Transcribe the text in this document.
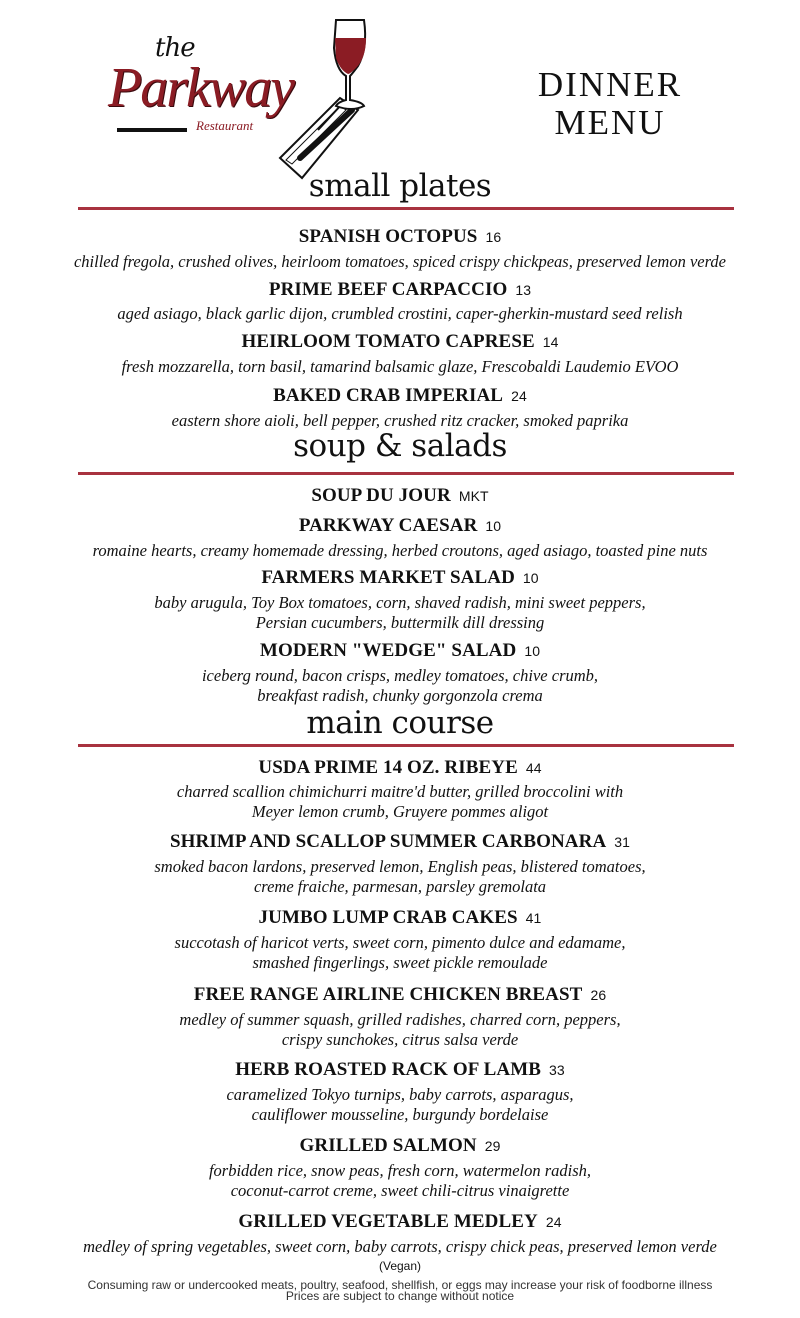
the
Parkway
Restaurant
DINNER
MENU
small plates
SPANISH OCTOPUS 16
chilled fregola, crushed olives, heirloom tomatoes, spiced crispy chickpeas, preserved lemon verde
PRIME BEEF CARPACCIO 13
aged asiago, black garlic dijon, crumbled crostini, caper-gherkin-mustard seed relish
HEIRLOOM TOMATO CAPRESE 14
fresh mozzarella, torn basil, tamarind balsamic glaze, Frescobaldi Laudemio EVOO
BAKED CRAB IMPERIAL 24
eastern shore aioli, bell pepper, crushed ritz cracker, smoked paprika
soup & salads
SOUP DU JOUR MKT
PARKWAY CAESAR 10
romaine hearts, creamy homemade dressing, herbed croutons, aged asiago, toasted pine nuts
FARMERS MARKET SALAD 10
baby arugula, Toy Box tomatoes, corn, shaved radish, mini sweet peppers,
Persian cucumbers, buttermilk dill dressing
MODERN "WEDGE" SALAD 10
iceberg round, bacon crisps, medley tomatoes, chive crumb,
breakfast radish, chunky gorgonzola crema
main course
USDA PRIME 14 OZ. RIBEYE 44
charred scallion chimichurri maitre'd butter, grilled broccolini with
Meyer lemon crumb, Gruyere pommes aligot
SHRIMP AND SCALLOP SUMMER CARBONARA 31
smoked bacon lardons, preserved lemon, English peas, blistered tomatoes,
creme fraiche, parmesan, parsley gremolata
JUMBO LUMP CRAB CAKES 41
succotash of haricot verts, sweet corn, pimento dulce and edamame,
smashed fingerlings, sweet pickle remoulade
FREE RANGE AIRLINE CHICKEN BREAST 26
medley of summer squash, grilled radishes, charred corn, peppers,
crispy sunchokes, citrus salsa verde
HERB ROASTED RACK OF LAMB 33
caramelized Tokyo turnips, baby carrots, asparagus,
cauliflower mousseline, burgundy bordelaise
GRILLED SALMON 29
forbidden rice, snow peas, fresh corn, watermelon radish,
coconut-carrot creme, sweet chili-citrus vinaigrette
GRILLED VEGETABLE MEDLEY 24
medley of spring vegetables, sweet corn, baby carrots, crispy chick peas, preserved lemon verde
(Vegan)
Consuming raw or undercooked meats, poultry, seafood, shellfish, or eggs may increase your risk of foodborne illness
Prices are subject to change without notice
